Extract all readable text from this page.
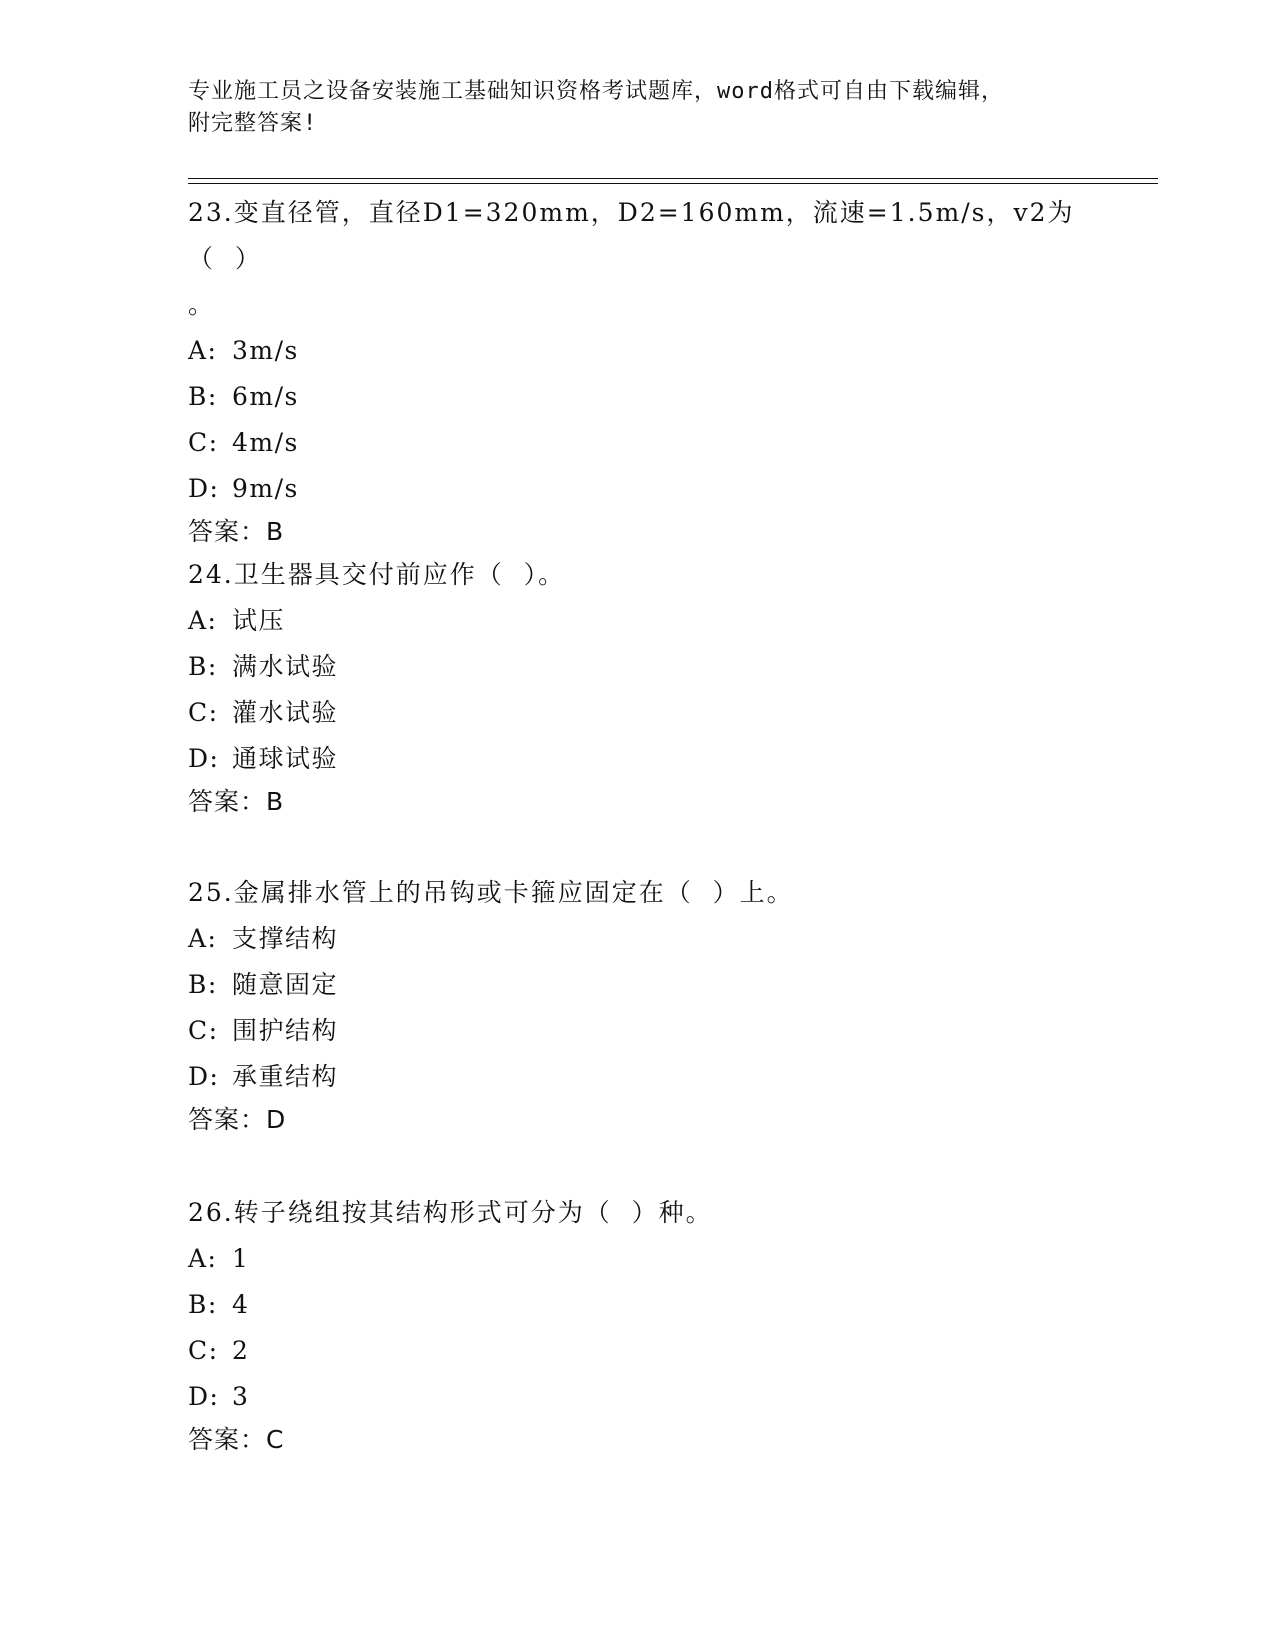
专业施工员之设备安装施工基础知识资格考试题库，word格式可自由下载编辑，
附完整答案!

23.变直径管，直径D1=320mm，D2=160mm，流速=1.5m/s，v2为（  ）

。

A: 3m/s
B: 6m/s
C: 4m/s
D: 9m/s
答案：B

24.卫生器具交付前应作（  ）。

A: 试压
B: 满水试验
C: 灌水试验
D: 通球试验
答案：B

25.金属排水管上的吊钩或卡箍应固定在（  ）上。

A: 支撑结构
B: 随意固定
C: 围护结构
D: 承重结构
答案：D

26.转子绕组按其结构形式可分为（  ）种。

A: 1
B: 4
C: 2
D: 3
答案：C
